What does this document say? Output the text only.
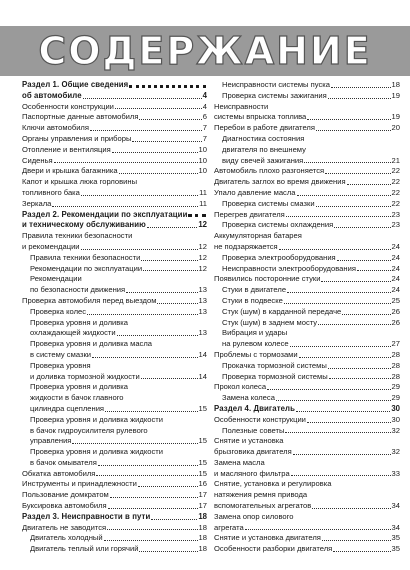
СОДЕРЖАНИЕ
Раздел 1. Общие сведения
об автомобиле	4
Особенности конструкции	4
Паспортные данные автомобиля	6
Ключи автомобиля	7
Органы управления и приборы	7
Отопление и вентиляция	10
Сиденья	10
Двери и крышка багажника	10
Капот и крышка люка горловины
топливного бака	11
Зеркала	11
Раздел 2. Рекомендации по эксплуатации
и техническому обслуживанию	12
Правила техники безопасности
и рекомендации	12
Правила техники безопасности	12
Рекомендации по эксплуатации	12
Рекомендации
по безопасности движения	13
Проверка автомобиля перед выездом	13
Проверка колес	13
Проверка уровня и доливка
охлаждающей жидкости	13
Проверка уровня и доливка масла
в систему смазки	14
Проверка уровня
и доливка тормозной жидкости	14
Проверка уровня и доливка
жидкости в бачок главного
цилиндра сцепления	15
Проверка уровня и доливка жидкости
в бачок гидроусилителя рулевого
управления	15
Проверка уровня и доливка жидкости
в бачок омывателя	15
Обкатка автомобиля	15
Инструменты и принадлежности	16
Пользование домкратом	17
Буксировка автомобиля	17
Раздел 3. Неисправности в пути	18
Двигатель не заводится	18
Двигатель холодный	18
Двигатель теплый или горячий	18
Неисправности системы пуска	18
Проверка системы зажигания	19
Неисправности
системы впрыска топлива	19
Перебои в работе двигателя	20
Диагностика состояния
двигателя по внешнему
виду свечей зажигания	21
Автомобиль плохо разгоняется	22
Двигатель заглох во время движения	22
Упало давление масла	22
Проверка системы смазки	22
Перегрев двигателя	23
Проверка системы охлаждения	23
Аккумуляторная батарея
не подзаряжается	24
Проверка электрооборудования	24
Неисправности электрооборудования	24
Появились посторонние стуки	24
Стуки в двигателе	24
Стуки в подвеске	25
Стук (шум) в карданной передаче	26
Стук (шум) в заднем мосту	26
Вибрация и удары
на рулевом колесе	27
Проблемы с тормозами	28
Прокачка тормозной системы	28
Проверка тормозной системы	28
Прокол колеса	29
Замена колеса	29
Раздел 4. Двигатель	30
Особенности конструкции	30
Полезные советы	32
Снятие и установка
брызговика двигателя	32
Замена масла
и масляного фильтра	33
Снятие, установка и регулировка
натяжения ремня привода
вспомогательных агрегатов	34
Замена опор силового
агрегата	34
Снятие и установка двигателя	35
Особенности разборки двигателя	35
